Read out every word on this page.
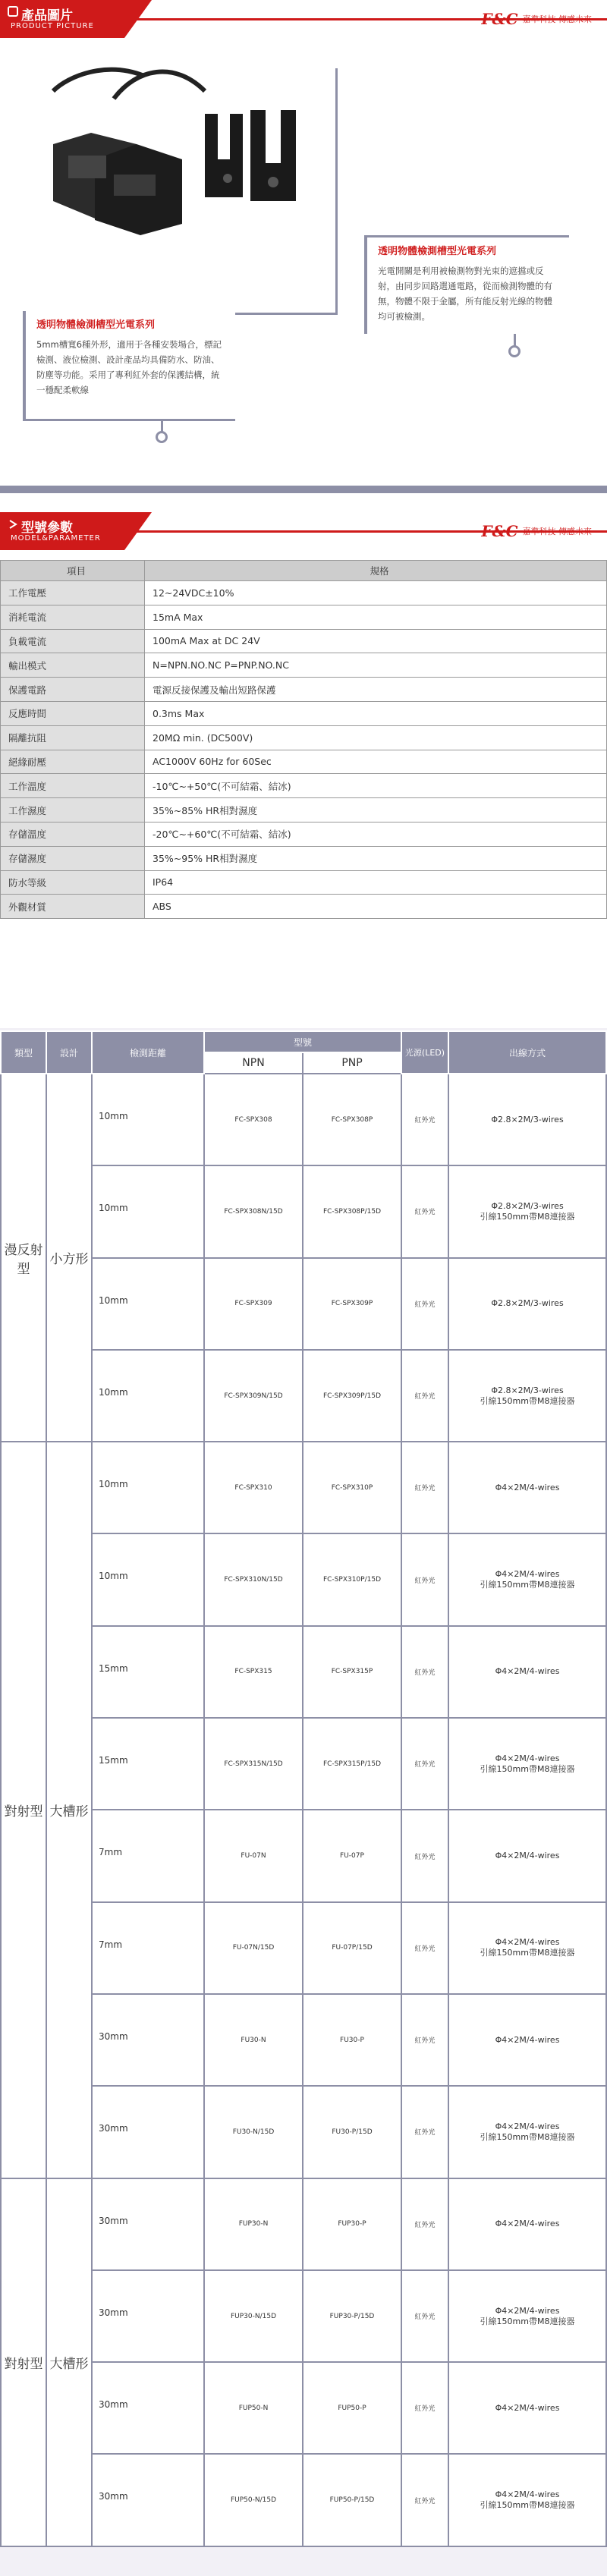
產品圖片
PRODUCT PICTURE	F&C 嘉準科技 傳感未來
透明物體檢測槽型光電系列
光電開關是利用被檢測物對光束的遮擋或反射，由同步回路選通電路，從而檢測物體的有無，物體不限于金屬，所有能反射光線的物體均可被檢測。
透明物體檢測槽型光電系列
5mm槽寬6種外形，適用于各種安裝場合，標記檢測、液位檢測、設計產品均具備防水、防油、防塵等功能。采用了專利紅外套的保護結構，統一穩配柔軟線
型號參數
MODEL&PARAMETER	F&C 嘉準科技 傳感未來
項目	規格
工作電壓	12~24VDC±10%
消耗電流	15mA Max
負載電流	100mA Max at DC 24V
輸出模式	N=NPN.NO.NC P=PNP.NO.NC
保護電路	電源反接保護及輸出短路保護
反應時間	0.3ms Max
隔離抗阻	20MΩ min. (DC500V)
絕緣耐壓	AC1000V 60Hz for 60Sec
工作溫度	-10℃~+50℃(不可結霜、結冰)
工作濕度	35%~85% HR相對濕度
存儲溫度	-20℃~+60℃(不可結霜、結冰)
存儲濕度	35%~95% HR相對濕度
防水等級	IP64
外觀材質	ABS
類型	設計	檢測距離	型號		光源(LED)	出線方式
			NPN	PNP		
漫反射型	小方形	10mm	FC-SPX308	FC-SPX308P	紅外光	Φ2.8×2M/3-wires

		10mm	FC-SPX308N/15D	FC-SPX308P/15D	紅外光	Φ2.8×2M/3-wires
引線150mm帶M8連接器

		10mm	FC-SPX309	FC-SPX309P	紅外光	Φ2.8×2M/3-wires

		10mm	FC-SPX309N/15D	FC-SPX309P/15D	紅外光	Φ2.8×2M/3-wires
引線150mm帶M8連接器

對射型	大槽形	10mm	FC-SPX310	FC-SPX310P	紅外光	Φ4×2M/4-wires

		10mm	FC-SPX310N/15D	FC-SPX310P/15D	紅外光	Φ4×2M/4-wires
引線150mm帶M8連接器

		15mm	FC-SPX315	FC-SPX315P	紅外光	Φ4×2M/4-wires

		15mm	FC-SPX315N/15D	FC-SPX315P/15D	紅外光	Φ4×2M/4-wires
引線150mm帶M8連接器

		7mm	FU-07N	FU-07P	紅外光	Φ4×2M/4-wires

		7mm	FU-07N/15D	FU-07P/15D	紅外光	Φ4×2M/4-wires
引線150mm帶M8連接器

		30mm	FU30-N	FU30-P	紅外光	Φ4×2M/4-wires

		30mm	FU30-N/15D	FU30-P/15D	紅外光	Φ4×2M/4-wires
引線150mm帶M8連接器

對射型	大槽形	30mm	FUP30-N	FUP30-P	紅外光	Φ4×2M/4-wires

		30mm	FUP30-N/15D	FUP30-P/15D	紅外光	Φ4×2M/4-wires
引線150mm帶M8連接器

		30mm	FUP50-N	FUP50-P	紅外光	Φ4×2M/4-wires

		30mm	FUP50-N/15D	FUP50-P/15D	紅外光	Φ4×2M/4-wires
引線150mm帶M8連接器
